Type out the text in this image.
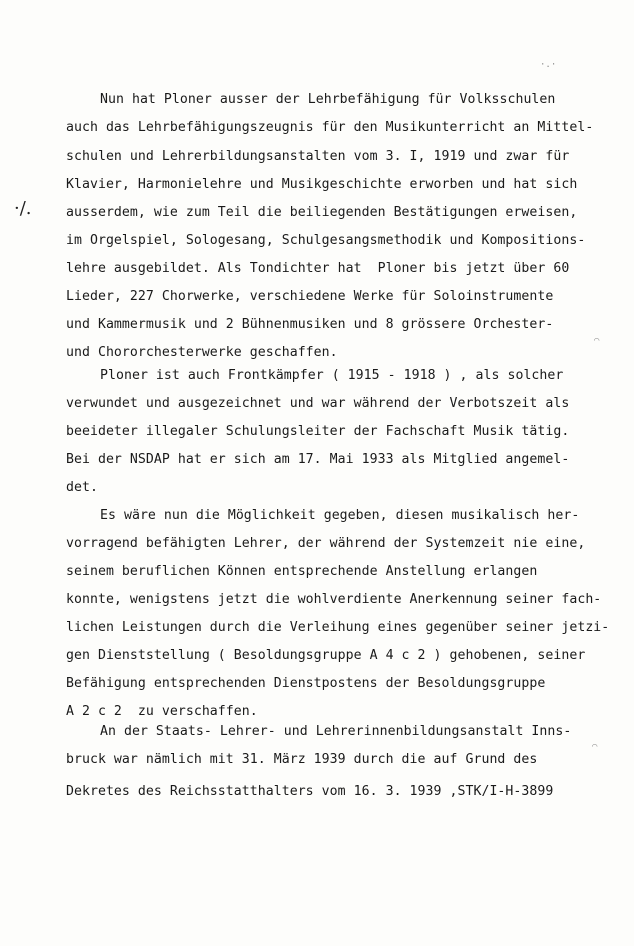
·/.
·.·
◠
◠
Nun hat Ploner ausser der Lehrbefähigung für Volksschulen
auch das Lehrbefähigungszeugnis für den Musikunterricht an Mittel-
schulen und Lehrerbildungsanstalten vom 3. I, 1919 und zwar für
Klavier, Harmonielehre und Musikgeschichte erworben und hat sich
ausserdem, wie zum Teil die beiliegenden Bestätigungen erweisen,
im Orgelspiel, Sologesang, Schulgesangsmethodik und Kompositions-
lehre ausgebildet. Als Tondichter hat  Ploner bis jetzt über 60
Lieder, 227 Chorwerke, verschiedene Werke für Soloinstrumente
und Kammermusik und 2 Bühnenmusiken und 8 grössere Orchester-
und Chororchesterwerke geschaffen.
Ploner ist auch Frontkämpfer ( 1915 - 1918 ) , als solcher
verwundet und ausgezeichnet und war während der Verbotszeit als
beeideter illegaler Schulungsleiter der Fachschaft Musik tätig.
Bei der NSDAP hat er sich am 17. Mai 1933 als Mitglied angemel-
det.
Es wäre nun die Möglichkeit gegeben, diesen musikalisch her-
vorragend befähigten Lehrer, der während der Systemzeit nie eine,
seinem beruflichen Können entsprechende Anstellung erlangen
konnte, wenigstens jetzt die wohlverdiente Anerkennung seiner fach-
lichen Leistungen durch die Verleihung eines gegenüber seiner jetzi-
gen Dienststellung ( Besoldungsgruppe A 4 c 2 ) gehobenen, seiner
Befähigung entsprechenden Dienstpostens der Besoldungsgruppe
A 2 c 2  zu verschaffen.
An der Staats- Lehrer- und Lehrerinnenbildungsanstalt Inns-
bruck war nämlich mit 31. März 1939 durch die auf Grund des
Dekretes des Reichsstatthalters vom 16. 3. 1939 ,STK/I-H-3899
